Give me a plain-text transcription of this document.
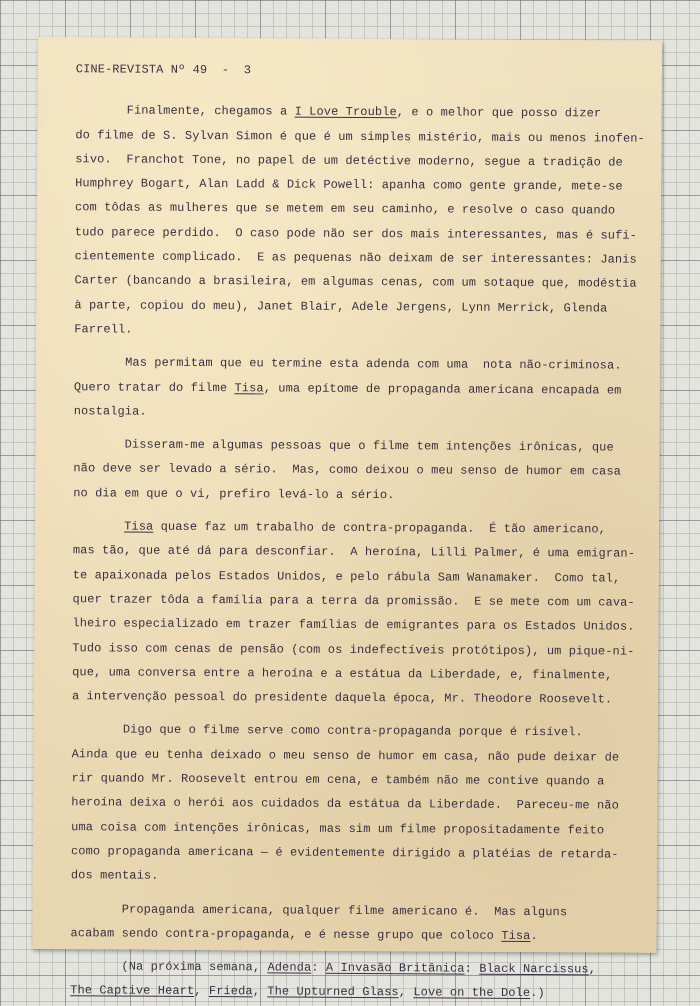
CINE-REVISTA Nº 49  -  3
Finalmente, chegamos a I Love Trouble, e o melhor que posso dizer
do filme de S. Sylvan Simon é que é um simples mistério, mais ou menos inofen-
sivo.  Franchot Tone, no papel de um detéctive moderno, segue a tradição de
Humphrey Bogart, Alan Ladd & Dick Powell: apanha como gente grande, mete-se
com tôdas as mulheres que se metem em seu caminho, e resolve o caso quando
tudo parece perdido.  O caso pode não ser dos mais interessantes, mas é sufi-
cientemente complicado.  E as pequenas não deixam de ser interessantes: Janis
Carter (bancando a brasileira, em algumas cenas, com um sotaque que, modéstia
à parte, copiou do meu), Janet Blair, Adele Jergens, Lynn Merrick, Glenda
Farrell.
Mas permitam que eu termine esta adenda com uma  nota não-criminosa.
Quero tratar do filme Tisa, uma epítome de propaganda americana encapada em
nostalgia.
Disseram-me algumas pessoas que o filme tem intenções irônicas, que
não deve ser levado a sério.  Mas, como deixou o meu senso de humor em casa
no dia em que o vi, prefiro levá-lo a sério.
Tisa quase faz um trabalho de contra-propaganda.  É tão americano,
mas tão, que até dá para desconfiar.  A heroína, Lilli Palmer, é uma emigran-
te apaixonada pelos Estados Unidos, e pelo rábula Sam Wanamaker.  Como tal,
quer trazer tôda a família para a terra da promissão.  E se mete com um cava-
lheiro especializado em trazer famílias de emigrantes para os Estados Unidos.
Tudo isso com cenas de pensão (com os indefectíveis protótipos), um pique-ni-
que, uma conversa entre a heroína e a estátua da Liberdade, e, finalmente,
a intervenção pessoal do presidente daquela época, Mr. Theodore Roosevelt.
Digo que o filme serve como contra-propaganda porque é risível.
Ainda que eu tenha deixado o meu senso de humor em casa, não pude deixar de
rir quando Mr. Roosevelt entrou em cena, e também não me contive quando a
heroína deixa o herói aos cuidados da estátua da Liberdade.  Pareceu-me não
uma coisa com intenções irônicas, mas sim um filme propositadamente feito
como propaganda americana — é evidentemente dirigido a platéias de retarda-
dos mentais.
Propaganda americana, qualquer filme americano é.  Mas alguns
acabam sendo contra-propaganda, e é nesse grupo que coloco Tisa.
(Na próxima semana, Adenda: A Invasão Britânica: Black Narcissus,
The Captive Heart, Frieda, The Upturned Glass, Love on the Dole.)
